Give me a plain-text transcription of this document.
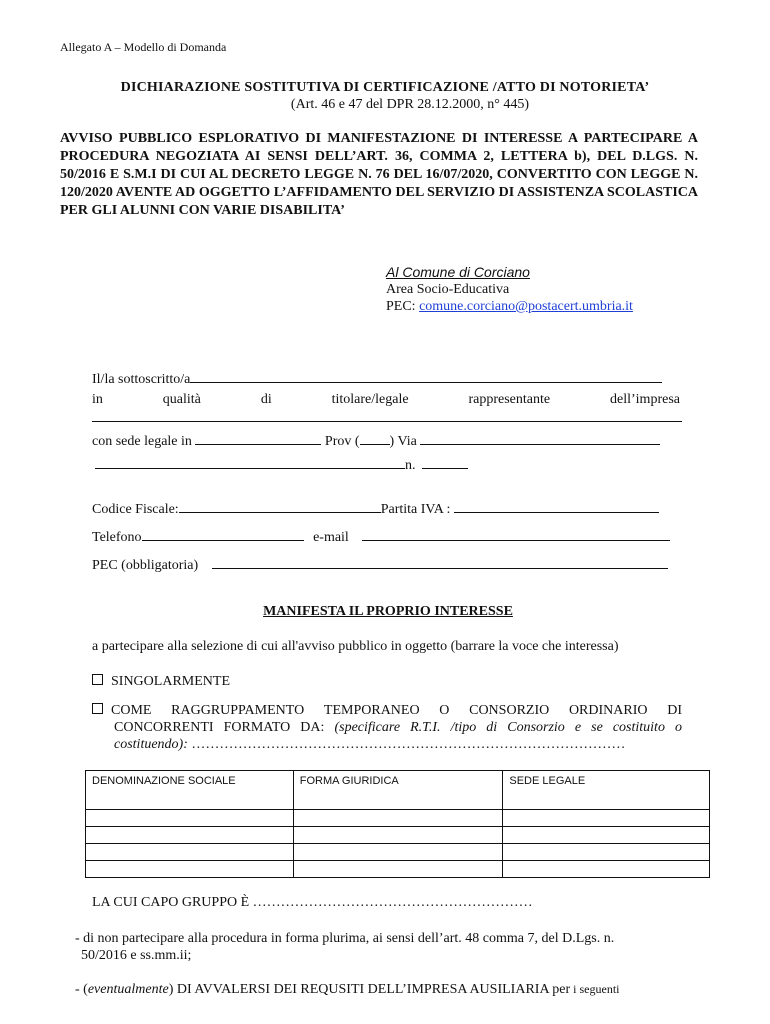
Allegato A – Modello di Domanda
DICHIARAZIONE SOSTITUTIVA DI CERTIFICAZIONE /ATTO DI NOTORIETA’
(Art. 46 e 47 del DPR 28.12.2000, n° 445)
AVVISO PUBBLICO ESPLORATIVO DI MANIFESTAZIONE DI INTERESSE A PARTECIPARE A PROCEDURA NEGOZIATA AI SENSI DELL’ART. 36, COMMA 2, LETTERA b), DEL D.LGS. N. 50/2016 E S.M.I DI CUI AL DECRETO LEGGE N. 76 DEL 16/07/2020, CONVERTITO CON LEGGE N. 120/2020 AVENTE AD OGGETTO L’AFFIDAMENTO DEL SERVIZIO DI ASSISTENZA SCOLASTICA PER GLI ALUNNI CON VARIE DISABILITA’
Al Comune di Corciano
Area Socio-Educativa
PEC: comune.corciano@postacert.umbria.it
Il/la sottoscritto/a
in	qualità	di	titolare/legale	rappresentante	dell’impresa
con sede legale in	Prov ( ) Via
n.
Codice Fiscale:	Partita IVA :
Telefono	e-mail
PEC (obbligatoria)
MANIFESTA IL PROPRIO INTERESSE
a partecipare alla selezione di cui all'avviso pubblico in oggetto (barrare la voce che interessa)
SINGOLARMENTE
COME RAGGRUPPAMENTO TEMPORANEO O CONSORZIO ORDINARIO DI
CONCORRENTI FORMATO DA: (specificare R.T.I. /tipo di Consorzio e se costituito o costituendo): …………………………………………………………………………………
DENOMINAZIONE SOCIALE	FORMA GIURIDICA	SEDE LEGALE

LA CUI CAPO GRUPPO È ……………………………………………………
- di non partecipare alla procedura in forma plurima, ai sensi dell’art. 48 comma 7, del D.Lgs. n.
50/2016 e ss.mm.ii;
- (eventualmente) DI AVVALERSI DEI REQUSITI DELL’IMPRESA AUSILIARIA per i seguenti
